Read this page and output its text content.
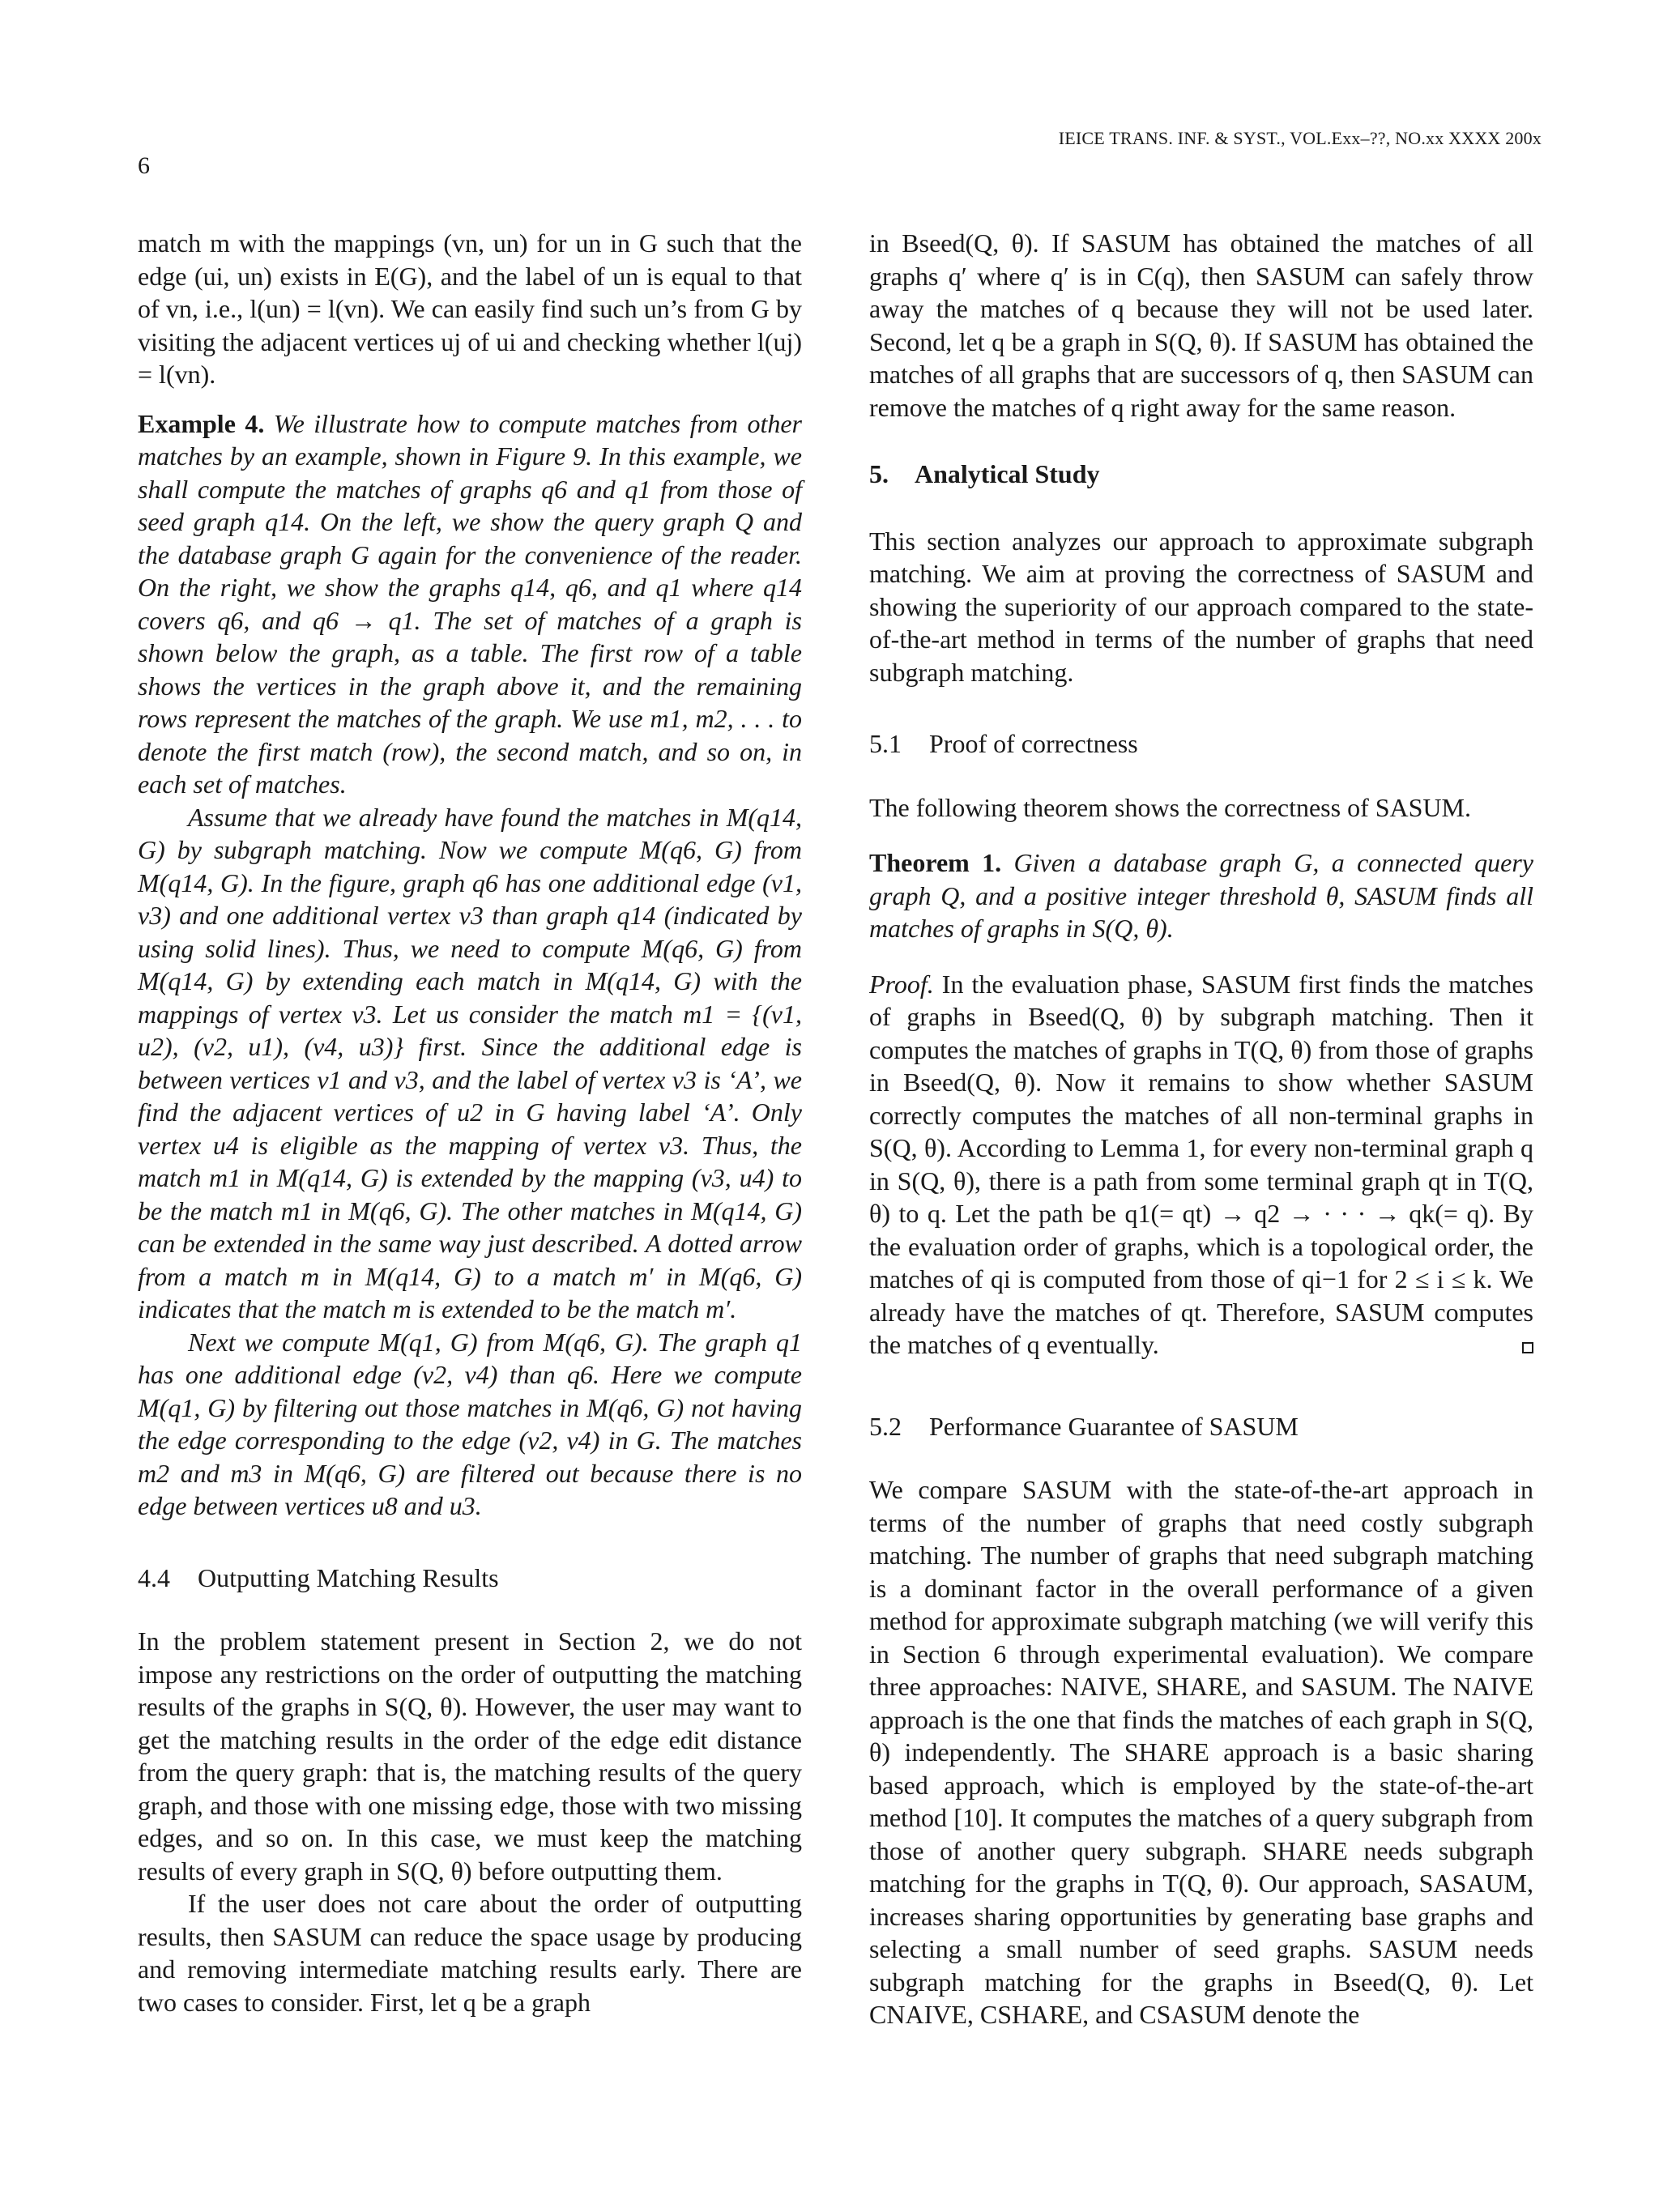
6
IEICE TRANS. INF. & SYST., VOL.Exx–??, NO.xx XXXX 200x

match m with the mappings (vn, un) for un in G such that the edge (ui, un) exists in E(G), and the label of un is equal to that of vn, i.e., l(un) = l(vn). We can easily find such un’s from G by visiting the adjacent vertices uj of ui and checking whether l(uj) = l(vn).

Example 4. We illustrate how to compute matches from other matches by an example, shown in Figure 9. In this example, we shall compute the matches of graphs q6 and q1 from those of seed graph q14. On the left, we show the query graph Q and the database graph G again for the convenience of the reader. On the right, we show the graphs q14, q6, and q1 where q14 covers q6, and q6 → q1. The set of matches of a graph is shown below the graph, as a table. The first row of a table shows the vertices in the graph above it, and the remaining rows represent the matches of the graph. We use m1, m2, . . . to denote the first match (row), the second match, and so on, in each set of matches.

Assume that we already have found the matches in M(q14, G) by subgraph matching. Now we compute M(q6, G) from M(q14, G). In the figure, graph q6 has one additional edge (v1, v3) and one additional vertex v3 than graph q14 (indicated by using solid lines). Thus, we need to compute M(q6, G) from M(q14, G) by extending each match in M(q14, G) with the mappings of vertex v3. Let us consider the match m1 = {(v1, u2), (v2, u1), (v4, u3)} first. Since the additional edge is between vertices v1 and v3, and the label of vertex v3 is ‘A’, we find the adjacent vertices of u2 in G having label ‘A’. Only vertex u4 is eligible as the mapping of vertex v3. Thus, the match m1 in M(q14, G) is extended by the mapping (v3, u4) to be the match m1 in M(q6, G). The other matches in M(q14, G) can be extended in the same way just described. A dotted arrow from a match m in M(q14, G) to a match m′ in M(q6, G) indicates that the match m is extended to be the match m′.

Next we compute M(q1, G) from M(q6, G). The graph q1 has one additional edge (v2, v4) than q6. Here we compute M(q1, G) by filtering out those matches in M(q6, G) not having the edge corresponding to the edge (v2, v4) in G. The matches m2 and m3 in M(q6, G) are filtered out because there is no edge between vertices u8 and u3.

4.4 Outputting Matching Results

In the problem statement present in Section 2, we do not impose any restrictions on the order of outputting the matching results of the graphs in S(Q, θ). However, the user may want to get the matching results in the order of the edge edit distance from the query graph: that is, the matching results of the query graph, and those with one missing edge, those with two missing edges, and so on. In this case, we must keep the matching results of every graph in S(Q, θ) before outputting them.

If the user does not care about the order of outputting results, then SASUM can reduce the space usage by producing and removing intermediate matching results early. There are two cases to consider. First, let q be a graph

in Bseed(Q, θ). If SASUM has obtained the matches of all graphs q′ where q′ is in C(q), then SASUM can safely throw away the matches of q because they will not be used later. Second, let q be a graph in S(Q, θ). If SASUM has obtained the matches of all graphs that are successors of q, then SASUM can remove the matches of q right away for the same reason.

5. Analytical Study

This section analyzes our approach to approximate subgraph matching. We aim at proving the correctness of SASUM and showing the superiority of our approach compared to the state-of-the-art method in terms of the number of graphs that need subgraph matching.

5.1 Proof of correctness

The following theorem shows the correctness of SASUM.

Theorem 1. Given a database graph G, a connected query graph Q, and a positive integer threshold θ, SASUM finds all matches of graphs in S(Q, θ).

Proof. In the evaluation phase, SASUM first finds the matches of graphs in Bseed(Q, θ) by subgraph matching. Then it computes the matches of graphs in T(Q, θ) from those of graphs in Bseed(Q, θ). Now it remains to show whether SASUM correctly computes the matches of all non-terminal graphs in S(Q, θ). According to Lemma 1, for every non-terminal graph q in S(Q, θ), there is a path from some terminal graph qt in T(Q, θ) to q. Let the path be q1(= qt) → q2 → · · · → qk(= q). By the evaluation order of graphs, which is a topological order, the matches of qi is computed from those of qi−1 for 2 ≤ i ≤ k. We already have the matches of qt. Therefore, SASUM computes the matches of q eventually.

5.2 Performance Guarantee of SASUM

We compare SASUM with the state-of-the-art approach in terms of the number of graphs that need costly subgraph matching. The number of graphs that need subgraph matching is a dominant factor in the overall performance of a given method for approximate subgraph matching (we will verify this in Section 6 through experimental evaluation). We compare three approaches: NAIVE, SHARE, and SASUM. The NAIVE approach is the one that finds the matches of each graph in S(Q, θ) independently. The SHARE approach is a basic sharing based approach, which is employed by the state-of-the-art method [10]. It computes the matches of a query subgraph from those of another query subgraph. SHARE needs subgraph matching for the graphs in T(Q, θ). Our approach, SASAUM, increases sharing opportunities by generating base graphs and selecting a small number of seed graphs. SASUM needs subgraph matching for the graphs in Bseed(Q, θ). Let CNAIVE, CSHARE, and CSASUM denote the
